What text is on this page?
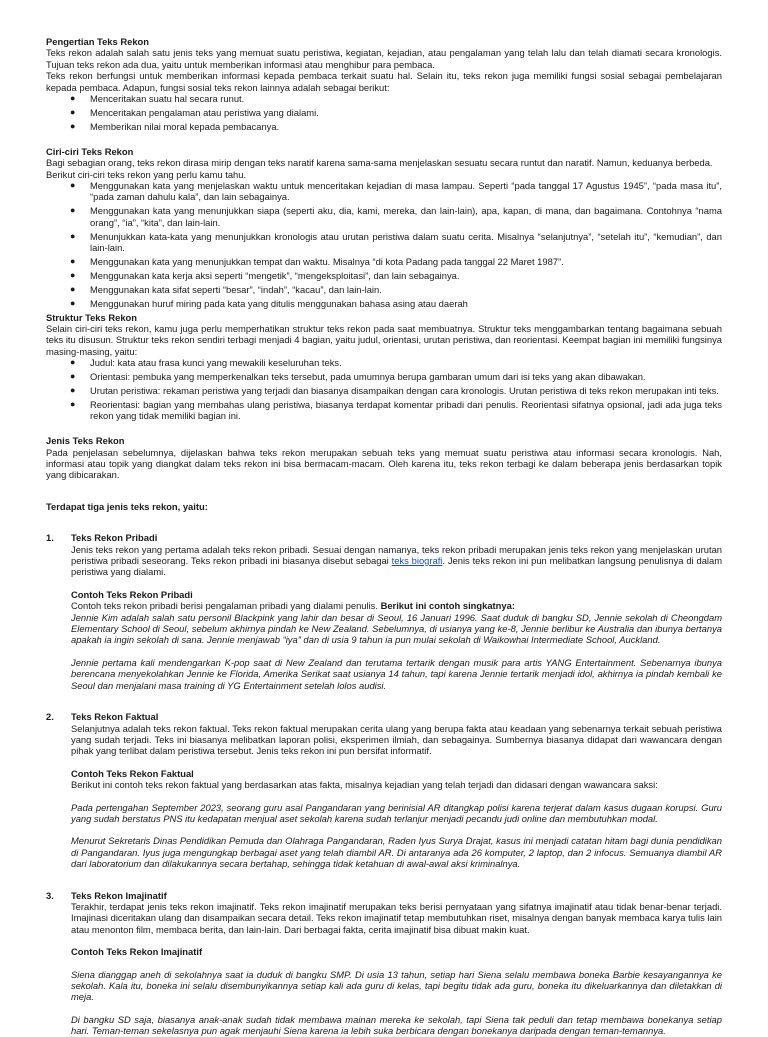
Pengertian Teks Rekon

Teks rekon adalah salah satu jenis teks yang memuat suatu peristiwa, kegiatan, kejadian, atau pengalaman yang telah lalu dan telah diamati secara kronologis. Tujuan teks rekon ada dua, yaitu untuk memberikan informasi atau menghibur para pembaca.

Teks rekon berfungsi untuk memberikan informasi kepada pembaca terkait suatu hal. Selain itu, teks rekon juga memiliki fungsi sosial sebagai pembelajaran kepada pembaca. Adapun, fungsi sosial teks rekon lainnya adalah sebagai berikut:

● Menceritakan suatu hal secara runut.
● Menceritakan pengalaman atau peristiwa yang dialami.
● Memberikan nilai moral kepada pembacanya.

Ciri-ciri Teks Rekon

Bagi sebagian orang, teks rekon dirasa mirip dengan teks naratif karena sama-sama menjelaskan sesuatu secara runtut dan naratif. Namun, keduanya berbeda.

Berikut ciri-ciri teks rekon yang perlu kamu tahu.

● Menggunakan kata yang menjelaskan waktu untuk menceritakan kejadian di masa lampau. Seperti “pada tanggal 17 Agustus 1945”, “pada masa itu”, “pada zaman dahulu kala”, dan lain sebagainya.
● Menggunakan kata yang menunjukkan siapa (seperti aku, dia, kami, mereka, dan lain-lain), apa, kapan, di mana, dan bagaimana. Contohnya “nama orang”, “ia”, “kita”, dan lain-lain.
● Menunjukkan kata-kata yang menunjukkan kronologis atau urutan peristiwa dalam suatu cerita. Misalnya “selanjutnya”, “setelah itu”, “kemudian”, dan lain-lain.
● Menggunakan kata yang menunjukkan tempat dan waktu. Misalnya “di kota Padang pada tanggal 22 Maret 1987”.
● Menggunakan kata kerja aksi seperti “mengetik”, “mengeksploitasi”, dan lain sebagainya.
● Menggunakan kata sifat seperti “besar”, “indah”, “kacau”, dan lain-lain.
● Menggunakan huruf miring pada kata yang ditulis menggunakan bahasa asing atau daerah

Struktur Teks Rekon

Selain ciri-ciri teks rekon, kamu juga perlu memperhatikan struktur teks rekon pada saat membuatnya. Struktur teks menggambarkan tentang bagaimana sebuah teks itu disusun. Struktur teks rekon sendiri terbagi menjadi 4 bagian, yaitu judul, orientasi, urutan peristiwa, dan reorientasi. Keempat bagian ini memiliki fungsinya masing-masing, yaitu:

● Judul: kata atau frasa kunci yang mewakili keseluruhan teks.
● Orientasi: pembuka yang memperkenalkan teks tersebut, pada umumnya berupa gambaran umum dari isi teks yang akan dibawakan.
● Urutan peristiwa: rekaman peristiwa yang terjadi dan biasanya disampaikan dengan cara kronologis. Urutan peristiwa di teks rekon merupakan inti teks.
● Reorientasi: bagian yang membahas ulang peristiwa, biasanya terdapat komentar pribadi dari penulis. Reorientasi sifatnya opsional, jadi ada juga teks rekon yang tidak memiliki bagian ini.

Jenis Teks Rekon

Pada penjelasan sebelumnya, dijelaskan bahwa teks rekon merupakan sebuah teks yang memuat suatu peristiwa atau informasi secara kronologis. Nah, informasi atau topik yang diangkat dalam teks rekon ini bisa bermacam-macam. Oleh karena itu, teks rekon terbagi ke dalam beberapa jenis berdasarkan topik yang dibicarakan.

Terdapat tiga jenis teks rekon, yaitu:

1.	Teks Rekon Pribadi

Jenis teks rekon yang pertama adalah teks rekon pribadi. Sesuai dengan namanya, teks rekon pribadi merupakan jenis teks rekon yang menjelaskan urutan peristiwa pribadi seseorang. Teks rekon pribadi ini biasanya disebut sebagai teks biografi. Jenis teks rekon ini pun melibatkan langsung penulisnya di dalam peristiwa yang dialami.

Contoh Teks Rekon Pribadi

Contoh teks rekon pribadi berisi pengalaman pribadi yang dialami penulis. Berikut ini contoh singkatnya:

Jennie Kim adalah salah satu personil Blackpink yang lahir dan besar di Seoul, 16 Januari 1996. Saat duduk di bangku SD, Jennie sekolah di Cheongdam Elementary School di Seoul, sebelum akhirnya pindah ke New Zealand. Sebelumnya, di usianya yang ke-8, Jennie berlibur ke Australia dan ibunya bertanya apakah ia ingin sekolah di sana. Jennie menjawab “iya” dan di usia 9 tahun ia pun mulai sekolah di Waikowhai Intermediate School, Auckland.

Jennie pertama kali mendengarkan K-pop saat di New Zealand dan terutama tertarik dengan musik para artis YANG Entertainment. Sebenarnya ibunya berencana menyekolahkan Jennie ke Florida, Amerika Serikat saat usianya 14 tahun, tapi karena Jennie tertarik menjadi idol, akhirnya ia pindah kembali ke Seoul dan menjalani masa training di YG Entertainment setelah lolos audisi.

2.	Teks Rekon Faktual

Selanjutnya adalah teks rekon faktual. Teks rekon faktual merupakan cerita ulang yang berupa fakta atau keadaan yang sebenarnya terkait sebuah peristiwa yang sudah terjadi. Teks ini biasanya melibatkan laporan polisi, eksperimen ilmiah, dan sebagainya. Sumbernya biasanya didapat dari wawancara dengan pihak yang terlibat dalam peristiwa tersebut. Jenis teks rekon ini pun bersifat informatif.

Contoh Teks Rekon Faktual

Berikut ini contoh teks rekon faktual yang berdasarkan atas fakta, misalnya kejadian yang telah terjadi dan didasari dengan wawancara saksi:

Pada pertengahan September 2023, seorang guru asal Pangandaran yang berinisial AR ditangkap polisi karena terjerat dalam kasus dugaan korupsi. Guru yang sudah berstatus PNS itu kedapatan menjual aset sekolah karena sudah terlanjur menjadi pecandu judi online dan membutuhkan modal.

Menurut Sekretaris Dinas Pendidikan Pemuda dan Olahraga Pangandaran, Raden Iyus Surya Drajat, kasus ini menjadi catatan hitam bagi dunia pendidikan di Pangandaran. Iyus juga mengungkap berbagai aset yang telah diambil AR. Di antaranya ada 26 komputer, 2 laptop, dan 2 infocus. Semuanya diambil AR dari laboratorium dan dilakukannya secara bertahap, sehingga tidak ketahuan di awal-awal aksi kriminalnya.

3.	Teks Rekon Imajinatif

Terakhir, terdapat jenis teks rekon imajinatif. Teks rekon imajinatif merupakan teks berisi pernyataan yang sifatnya imajinatif atau tidak benar-benar terjadi. Imajinasi diceritakan ulang dan disampaikan secara detail. Teks rekon imajinatif tetap membutuhkan riset, misalnya dengan banyak membaca karya tulis lain atau menonton film, membaca berita, dan lain-lain. Dari berbagai fakta, cerita imajinatif bisa dibuat makin kuat.

Contoh Teks Rekon Imajinatif

Siena dianggap aneh di sekolahnya saat ia duduk di bangku SMP. Di usia 13 tahun, setiap hari Siena selalu membawa boneka Barbie kesayangannya ke sekolah. Kala itu, boneka ini selalu disembunyikannya setiap kali ada guru di kelas, tapi begitu tidak ada guru, boneka itu dikeluarkannya dan diletakkan di meja.

Di bangku SD saja, biasanya anak-anak sudah tidak membawa mainan mereka ke sekolah, tapi Siena tak peduli dan tetap membawa bonekanya setiap hari. Teman-teman sekelasnya pun agak menjauhi Siena karena ia lebih suka berbicara dengan bonekanya daripada dengan teman-temannya.
